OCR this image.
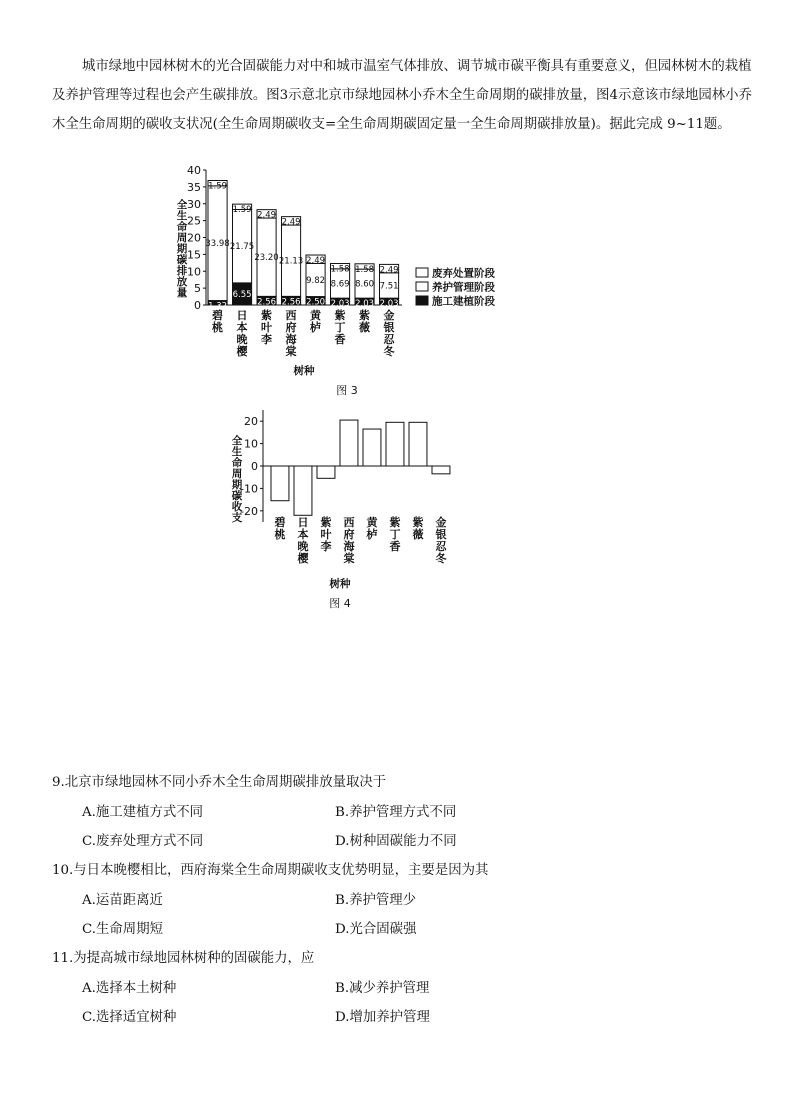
城市绿地中园林树木的光合固碳能力对中和城市温室气体排放、调节城市碳平衡具有重要意义，但园林树木的栽植及养护管理等过程也会产生碳排放。图3示意北京市绿地园林小乔木全生命周期的碳排放量，图4示意该市绿地园林小乔木全生命周期的碳收支状况(全生命周期碳收支=全生命周期碳固定量一全生命周期碳排放量)。据此完成 9~11题。

全
生
命
周
期
碳
排
放
量
0
5
10
15
20
25
30
35
40
1.32
33.98
1.59
碧
桃
6.55
21.75
1.59
日
本
晚
樱
2.56
23.20
2.49
紫
叶
李
2.56
21.13
2.49
西
府
海
棠
2.50
9.82
2.49
黄
栌
2.03
8.69
1.58
紫
丁
香
2.03
8.60
1.58
紫
薇
2.03
7.51
2.49
金
银
忍
冬
树种
图 3
废弃处置阶段
养护管理阶段
施工建植阶段
全
生
命
周
期
碳
收
支
-20
-10
0
10
20
碧
桃
日
本
晚
樱
紫
叶
李
西
府
海
棠
黄
栌
紫
丁
香
紫
薇
金
银
忍
冬
树种
图 4

9.北京市绿地园林不同小乔木全生命周期碳排放量取决于

A.施工建植方式不同	B.养护管理方式不同
C.废弃处理方式不同	D.树种固碳能力不同

10.与日本晚樱相比，西府海棠全生命周期碳收支优势明显，主要是因为其

A.运苗距离近	B.养护管理少
C.生命周期短	D.光合固碳强

11.为提高城市绿地园林树种的固碳能力，应

A.选择本土树种	B.减少养护管理
C.选择适宜树种	D.增加养护管理
